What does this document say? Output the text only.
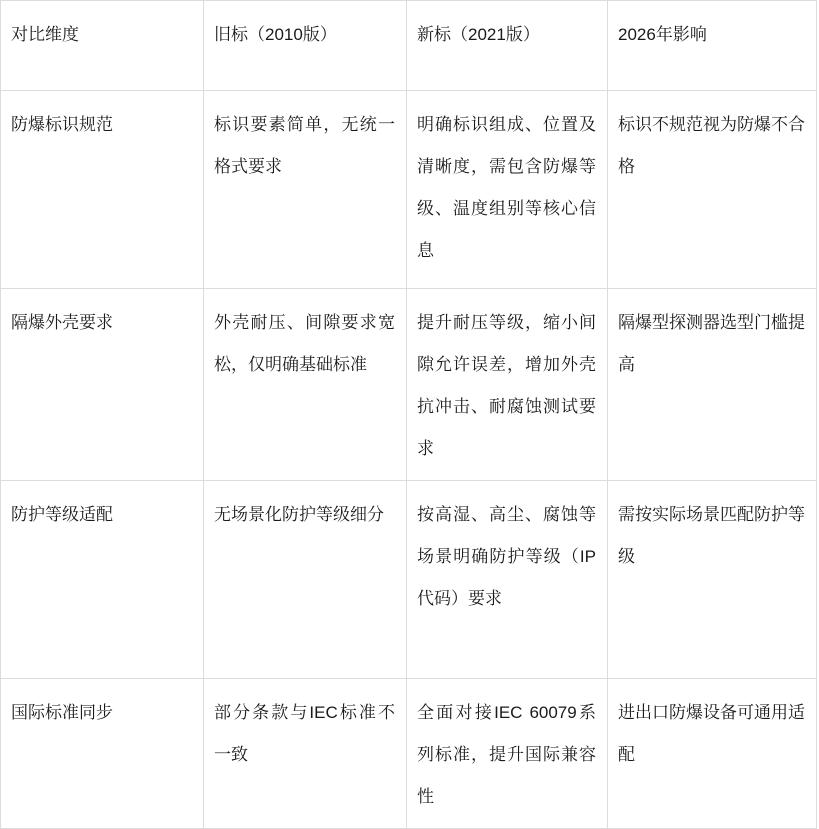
对比维度	旧标（2010版）	新标（2021版）	2026年影响
防爆标识规范	标识要素简单，无统一格式要求	明确标识组成、位置及清晰度，需包含防爆等级、温度组别等核心信息	标识不规范视为防爆不合格
隔爆外壳要求	外壳耐压、间隙要求宽松，仅明确基础标准	提升耐压等级，缩小间隙允许误差，增加外壳抗冲击、耐腐蚀测试要求	隔爆型探测器选型门槛提高
防护等级适配	无场景化防护等级细分	按高湿、高尘、腐蚀等场景明确防护等级（IP代码）要求	需按实际场景匹配防护等级
国际标准同步	部分条款与IEC标准不一致	全面对接IEC 60079系列标准，提升国际兼容性	进出口防爆设备可通用适配
